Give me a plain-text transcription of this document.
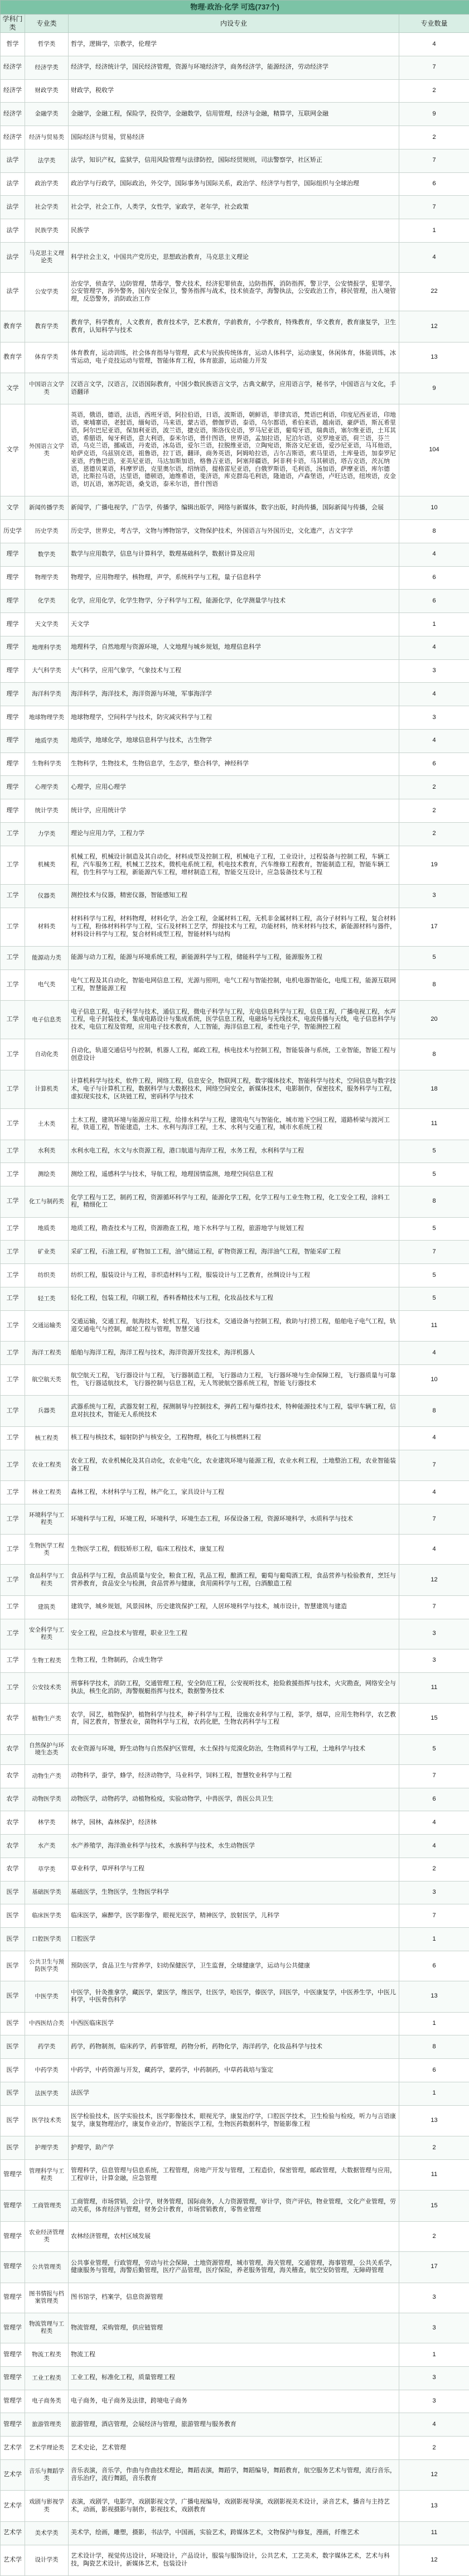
物理·政治·化学 可选(737个)			
学科门类	专业类	内设专业	专业数量
哲学	哲学类	哲学，逻辑学，宗教学，伦理学	4
经济学	经济学类	经济学，经济统计学，国民经济管理，资源与环境经济学，商务经济学，能源经济，劳动经济学	7
经济学	财政学类	财政学，税收学	2
经济学	金融学类	金融学，金融工程，保险学，投资学，金融数学，信用管理，经济与金融，精算学，互联网金融	9
经济学	经济与贸易类	国际经济与贸易，贸易经济	2
法学	法学类	法学，知识产权，监狱学，信用风险管理与法律防控，国际经贸规则，司法警察学，社区矫正	7
法学	政治学类	政治学与行政学，国际政治，外交学，国际事务与国际关系，政治学、经济学与哲学，国际组织与全球治理	6
法学	社会学类	社会学，社会工作，人类学，女性学，家政学，老年学，社会政策	7
法学	民族学类	民族学	1
法学	马克思主义理论类	科学社会主义，中国共产党历史，思想政治教育，马克思主义理论	4
法学	公安学类	治安学，侦查学，边防管理，禁毒学，警犬技术，经济犯罪侦查，边防指挥，消防指挥，警卫学，公安情报学，犯罪学，公安管理学，涉外警务，国内安全保卫，警务指挥与战术，技术侦查学，海警执法，公安政治工作，移民管理，出入境管理，反恐警务，消防政治工作	22
教育学	教育学类	教育学，科学教育，人文教育，教育技术学，艺术教育，学前教育，小学教育，特殊教育，华文教育，教育康复学，卫生教育，认知科学与技术	12
教育学	体育学类	体育教育，运动训练，社会体育指导与管理，武术与民族传统体育，运动人体科学，运动康复，休闲体育，体能训练，冰雪运动，电子竞技运动与管理，智能体育工程，体育旅游，运动能力开发	13
文学	中国语言文学类	汉语言文学，汉语言，汉语国际教育，中国少数民族语言文学，古典文献学，应用语言学，秘书学，中国语言与文化，手语翻译	9
文学	外国语言文学类	英语，俄语，德语，法语，西班牙语，阿拉伯语，日语，波斯语，朝鲜语，菲律宾语，梵语巴利语，印度尼西亚语，印地语，柬埔寨语，老挝语，缅甸语，马来语，蒙古语，僧伽罗语，泰语，乌尔都语，希伯来语，越南语，豪萨语，斯瓦希里语，阿尔巴尼亚语，保加利亚语，波兰语，捷克语，斯洛伐克语，罗马尼亚语，葡萄牙语，瑞典语，塞尔维亚语，土耳其语，希腊语，匈牙利语，意大利语，泰米尔语，普什图语，世界语，孟加拉语，尼泊尔语，克罗地亚语，荷兰语，芬兰语，乌克兰语，挪威语，丹麦语，冰岛语，爱尔兰语，拉脱维亚语，立陶宛语，斯洛文尼亚语，爱沙尼亚语，马耳他语，哈萨克语，乌兹别克语，祖鲁语，拉丁语，翻译，商务英语，阿姆哈拉语，吉尔吉斯语，索马里语，土库曼语，加泰罗尼亚语，约鲁巴语，亚美尼亚语，马达加斯加语，格鲁吉亚语，阿塞拜疆语，阿非利卡语，马其顿语，塔吉克语，茨瓦纳语，恩德贝莱语，科摩罗语，克里奥尔语，绍纳语，提格雷尼亚语，白俄罗斯语，毛利语，汤加语，萨摩亚语，库尔德语，比斯拉马语，达里语，德顿语，迪维希语，斐济语，库克群岛毛利语，隆迪语，卢森堡语，卢旺达语，纽埃语，皮金语，切瓦语，塞苏陀语，桑戈语，泰米尔语，普什图语	104
文学	新闻传播学类	新闻学，广播电视学，广告学，传播学，编辑出版学，网络与新媒体，数字出版，时尚传播，国际新闻与传播，会展	10
历史学	历史学类	历史学，世界史，考古学，文物与博物馆学，文物保护技术，外国语言与外国历史，文化遗产，古文字学	8
理学	数学类	数学与应用数学，信息与计算科学，数理基础科学，数据计算及应用	4
理学	物理学类	物理学，应用物理学，核物理，声学，系统科学与工程，量子信息科学	6
理学	化学类	化学，应用化学，化学生物学，分子科学与工程，能源化学，化学测量学与技术	6
理学	天文学类	天文学	1
理学	地理科学类	地理科学，自然地理与资源环境，人文地理与城乡规划，地理信息科学	4
理学	大气科学类	大气科学，应用气象学，气象技术与工程	3
理学	海洋科学类	海洋科学，海洋技术，海洋资源与环境，军事海洋学	4
理学	地球物理学类	地球物理学，空间科学与技术，防灾减灾科学与工程	3
理学	地质学类	地质学，地球化学，地球信息科学与技术，古生物学	4
理学	生物科学类	生物科学，生物技术，生物信息学，生态学，整合科学，神经科学	6
理学	心理学类	心理学，应用心理学	2
理学	统计学类	统计学，应用统计学	2
工学	力学类	理论与应用力学，工程力学	2
工学	机械类	机械工程，机械设计制造及其自动化，材料成型及控制工程，机械电子工程，工业设计，过程装备与控制工程，车辆工程，汽车服务工程，机械工艺技术，微机电系统工程，机电技术教育，汽车维修工程教育，智能制造工程，智能车辆工程，仿生科学与工程，新能源汽车工程，增材制造工程，智能交互设计，应急装备技术与工程	19
工学	仪器类	测控技术与仪器，精密仪器，智能感知工程	3
工学	材料类	材料科学与工程，材料物理，材料化学，冶金工程，金属材料工程，无机非金属材料工程，高分子材料与工程，复合材料与工程，粉体材料科学与工程，宝石及材料工艺学，焊接技术与工程，功能材料，纳米材料与技术，新能源材料与器件，材料设计科学与工程，复合材料成型工程，智能材料与结构	17
工学	能源动力类	能源与动力工程，能源与环境系统工程，新能源科学与工程，储能科学与工程，能源服务工程	5
工学	电气类	电气工程及其自动化，智能电网信息工程，光源与照明，电气工程与智能控制，电机电器智能化，电缆工程，能源互联网工程，智慧能源工程	8
工学	电子信息类	电子信息工程，电子科学与技术，通信工程，微电子科学与工程，光电信息科学与工程，信息工程，广播电视工程，水声工程，电子封装技术，集成电路设计与集成系统，医学信息工程，电磁场与无线技术，电波传播与天线，电子信息科学与技术，电信工程及管理，应用电子技术教育，人工智能，海洋信息工程，柔性电子学，智能测控工程	20
工学	自动化类	自动化，轨道交通信号与控制，机器人工程，邮政工程，核电技术与控制工程，智能装备与系统，工业智能，智能工程与创意设计	8
工学	计算机类	计算机科学与技术，软件工程，网络工程，信息安全，物联网工程，数字媒体技术，智能科学与技术，空间信息与数字技术，电子与计算机工程，数据科学与大数据技术，网络空间安全，新媒体技术，电影制作，保密技术，服务科学与工程，虚拟现实技术，区块链工程，密码科学与技术	18
工学	土木类	土木工程，建筑环境与能源应用工程，给排水科学与工程，建筑电气与智能化，城市地下空间工程，道路桥梁与渡河工程，铁道工程，智能建造，土木、水利与海洋工程，土木、水利与交通工程，城市水系统工程	11
工学	水利类	水利水电工程，水文与水资源工程，港口航道与海岸工程，水务工程，水利科学与工程	5
工学	测绘类	测绘工程，遥感科学与技术，导航工程，地理国情监测，地理空间信息工程	5
工学	化工与制药类	化学工程与工艺，制药工程，资源循环科学与工程，能源化学工程，化学工程与工业生物工程，化工安全工程，涂料工程，精细化工	8
工学	地质类	地质工程，勘查技术与工程，资源勘查工程，地下水科学与工程，旅游地学与规划工程	5
工学	矿业类	采矿工程，石油工程，矿物加工工程，油气储运工程，矿物资源工程，海洋油气工程，智能采矿工程	7
工学	纺织类	纺织工程，服装设计与工程，非织造材料与工程，服装设计与工艺教育，丝绸设计与工程	5
工学	轻工类	轻化工程，包装工程，印刷工程，香料香精技术与工程，化妆品技术与工程	5
工学	交通运输类	交通运输，交通工程，航海技术，轮机工程，飞行技术，交通设备与控制工程，救助与打捞工程，船舶电子电气工程，轨道交通电气与控制，邮轮工程与管理，智慧交通	11
工学	海洋工程类	船舶与海洋工程，海洋工程与技术，海洋资源开发技术，海洋机器人	4
工学	航空航天类	航空航天工程，飞行器设计与工程，飞行器制造工程，飞行器动力工程，飞行器环境与生命保障工程，飞行器质量与可靠性，飞行器适航技术，飞行器控制与信息工程，无人驾驶航空器系统工程，智能飞行器技术	10
工学	兵器类	武器系统与工程，武器发射工程，探测制导与控制技术，弹药工程与爆炸技术，特种能源技术与工程，装甲车辆工程，信息对抗技术，智能无人系统技术	8
工学	核工程类	核工程与核技术，辐射防护与核安全，工程物理，核化工与核燃料工程	4
工学	农业工程类	农业工程，农业机械化及其自动化，农业电气化，农业建筑环境与能源工程，农业水利工程，土地整治工程，农业智能装备工程	7
工学	林业工程类	森林工程，木材科学与工程，林产化工，家具设计与工程	4
工学	环境科学与工程类	环境科学与工程，环境工程，环境科学，环境生态工程，环保设备工程，资源环境科学，水质科学与技术	7
工学	生物医学工程类	生物医学工程，假肢矫形工程，临床工程技术，康复工程	4
工学	食品科学与工程类	食品科学与工程，食品质量与安全，粮食工程，乳品工程，酿酒工程，葡萄与葡萄酒工程，食品营养与检验教育，烹饪与营养教育，食品安全与检测，食品营养与健康，食用菌科学与工程，白酒酿造工程	12
工学	建筑类	建筑学，城乡规划，风景园林，历史建筑保护工程，人居环境科学与技术，城市设计，智慧建筑与建造	7
工学	安全科学与工程类	安全工程，应急技术与管理，职业卫生工程	3
工学	生物工程类	生物工程，生物制药，合成生物学	3
工学	公安技术类	刑事科学技术，消防工程，交通管理工程，安全防范工程，公安视听技术，抢险救援指挥与技术，火灾勘查，网络安全与执法，核生化消防，海警舰艇指挥与技术，数据警务技术	11
农学	植物生产类	农学，园艺，植物保护，植物科学与技术，种子科学与工程，设施农业科学与工程，茶学，烟草，应用生物科学，农艺教育，园艺教育，智慧农业，菌物科学与工程，农药化肥，生物农药科学与工程	15
农学	自然保护与环境生态类	农业资源与环境，野生动物与自然保护区管理，水土保持与荒漠化防治，生物质科学与工程，土地科学与技术	5
农学	动物生产类	动物科学，蚕学，蜂学，经济动物学，马业科学，饲料工程，智慧牧业科学与工程	7
农学	动物医学类	动物医学，动物药学，动植物检疫，实验动物学，中兽医学，兽医公共卫生	6
农学	林学类	林学，园林，森林保护，经济林	4
农学	水产类	水产养殖学，海洋渔业科学与技术，水族科学与技术，水生动物医学	4
农学	草学类	草业科学，草坪科学与工程	2
医学	基础医学类	基础医学，生物医学，生物医学科学	3
医学	临床医学类	临床医学，麻醉学，医学影像学，眼视光医学，精神医学，放射医学，儿科学	7
医学	口腔医学类	口腔医学	1
医学	公共卫生与预防医学类	预防医学，食品卫生与营养学，妇幼保健医学，卫生监督，全球健康学，运动与公共健康	6
医学	中医学类	中医学，针灸推拿学，藏医学，蒙医学，维医学，壮医学，哈医学，傣医学，回医学，中医康复学，中医养生学，中医儿科学，中医骨伤科学	13
医学	中西医结合类	中西医临床医学	1
医学	药学类	药学，药物制剂，临床药学，药事管理，药物分析，药物化学，海洋药学，化妆品科学与技术	8
医学	中药学类	中药学，中药资源与开发，藏药学，蒙药学，中药制药，中草药栽培与鉴定	6
医学	法医学类	法医学	1
医学	医学技术类	医学检验技术，医学实验技术，医学影像技术，眼视光学，康复治疗学，口腔医学技术，卫生检验与检疫，听力与言语康复学，康复物理治疗，康复作业治疗，智能医学工程，生物医药数据科学，智能影像工程	13
医学	护理学类	护理学，助产学	2
管理学	管理科学与工程类	管理科学，信息管理与信息系统，工程管理，房地产开发与管理，工程造价，保密管理，邮政管理，大数据管理与应用，工程审计，计算金融，应急管理	11
管理学	工商管理类	工商管理，市场营销，会计学，财务管理，国际商务，人力资源管理，审计学，资产评估，物业管理，文化产业管理，劳动关系，体育经济与管理，财务会计教育，市场营销教育，零售业管理	15
管理学	农业经济管理类	农林经济管理，农村区域发展	2
管理学	公共管理类	公共事业管理，行政管理，劳动与社会保障，土地资源管理，城市管理，海关管理，交通管理，海事管理，公共关系学，健康服务与管理，海警后勤管理，医疗产品管理，医疗保险，养老服务管理，海关稽查，航空安防管理，无障碍管理	17
管理学	图书情报与档案管理类	图书馆学，档案学，信息资源管理	3
管理学	物流管理与工程类	物流管理，采购管理，供应链管理	3
管理学	物流工程类	物流工程	1
管理学	工业工程类	工业工程，标准化工程，质量管理工程	3
管理学	电子商务类	电子商务，电子商务及法律，跨境电子商务	3
管理学	旅游管理类	旅游管理，酒店管理，会展经济与管理，旅游管理与服务教育	4
艺术学	艺术学理论类	艺术史论，艺术管理	2
艺术学	音乐与舞蹈学类	音乐表演，音乐学，作曲与作曲技术理论，舞蹈表演，舞蹈学，舞蹈编导，舞蹈教育，航空服务艺术与管理，流行音乐，音乐治疗，流行舞蹈，音乐教育	12
艺术学	戏剧与影视学类	表演，戏剧学，电影学，戏剧影视文学，广播电视编导，戏剧影视导演，戏剧影视美术设计，录音艺术，播音与主持艺术，动画，影视摄影与制作，影视技术，戏剧教育	13
艺术学	美术学类	美术学，绘画，雕塑，摄影，书法学，中国画，实验艺术，跨媒体艺术，文物保护与修复，漫画，纤维艺术	11
艺术学	设计学类	艺术设计学，视觉传达设计，环境设计，产品设计，服装与服饰设计，公共艺术，工艺美术，数字媒体艺术，艺术与科技，陶瓷艺术设计，新媒体艺术，包装设计	12
